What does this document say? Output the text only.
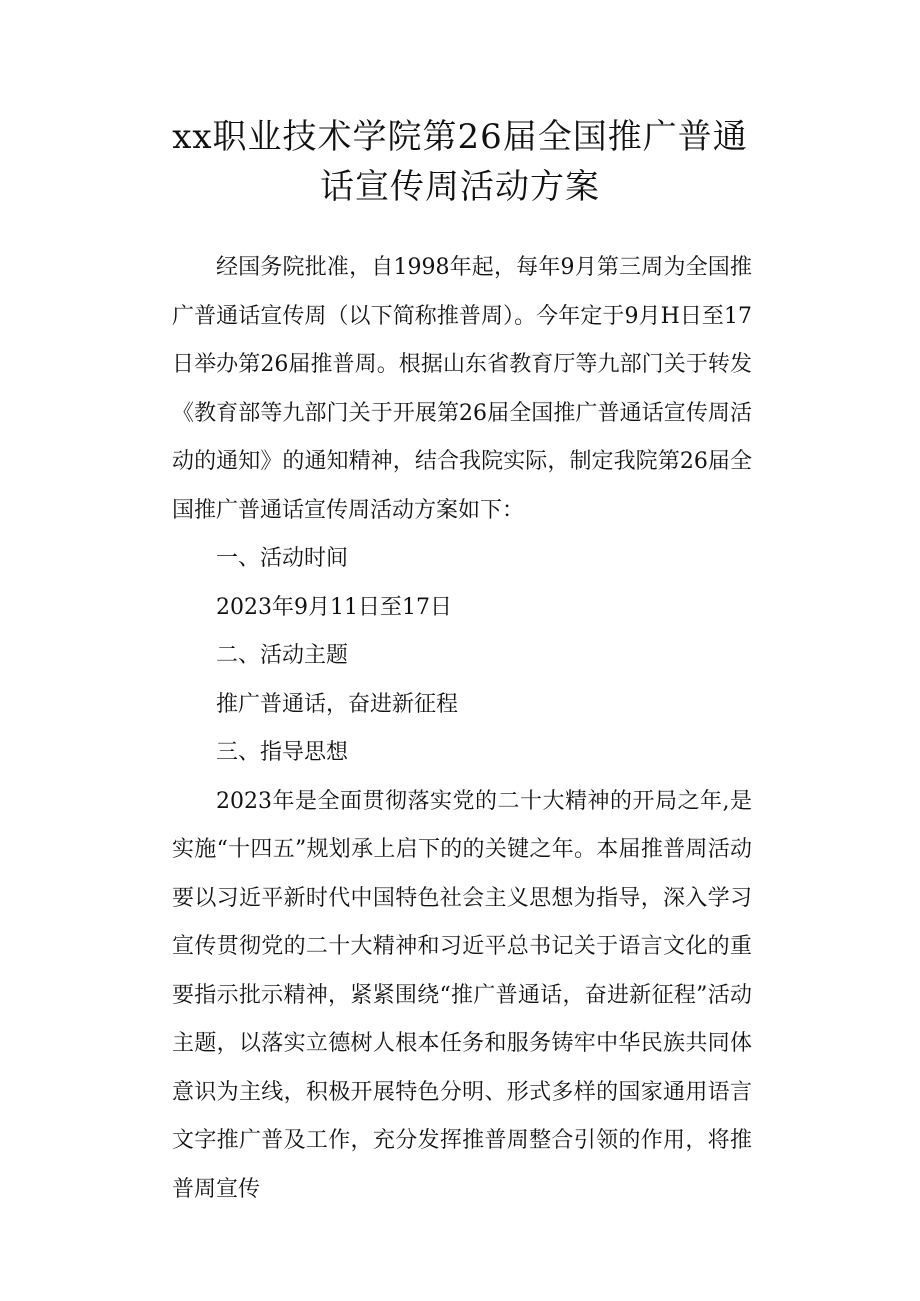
xx职业技术学院第26届全国推广普通
话宣传周活动方案

经国务院批准，自1998年起，每年9月第三周为全国推广普通话宣传周（以下简称推普周）。今年定于9月H日至17日举办第26届推普周。根据山东省教育厅等九部门关于转发《教育部等九部门关于开展第26届全国推广普通话宣传周活动的通知》的通知精神，结合我院实际，制定我院第26届全国推广普通话宣传周活动方案如下：

一、活动时间

2023年9月11日至17日

二、活动主题

推广普通话，奋进新征程

三、指导思想

2023年是全面贯彻落实党的二十大精神的开局之年,是实施“十四五”规划承上启下的的关键之年。本届推普周活动要以习近平新时代中国特色社会主义思想为指导，深入学习宣传贯彻党的二十大精神和习近平总书记关于语言文化的重要指示批示精神，紧紧围绕“推广普通话，奋进新征程”活动主题，以落实立德树人根本任务和服务铸牢中华民族共同体意识为主线，积极开展特色分明、形式多样的国家通用语言文字推广普及工作，充分发挥推普周整合引领的作用，将推普周宣传
